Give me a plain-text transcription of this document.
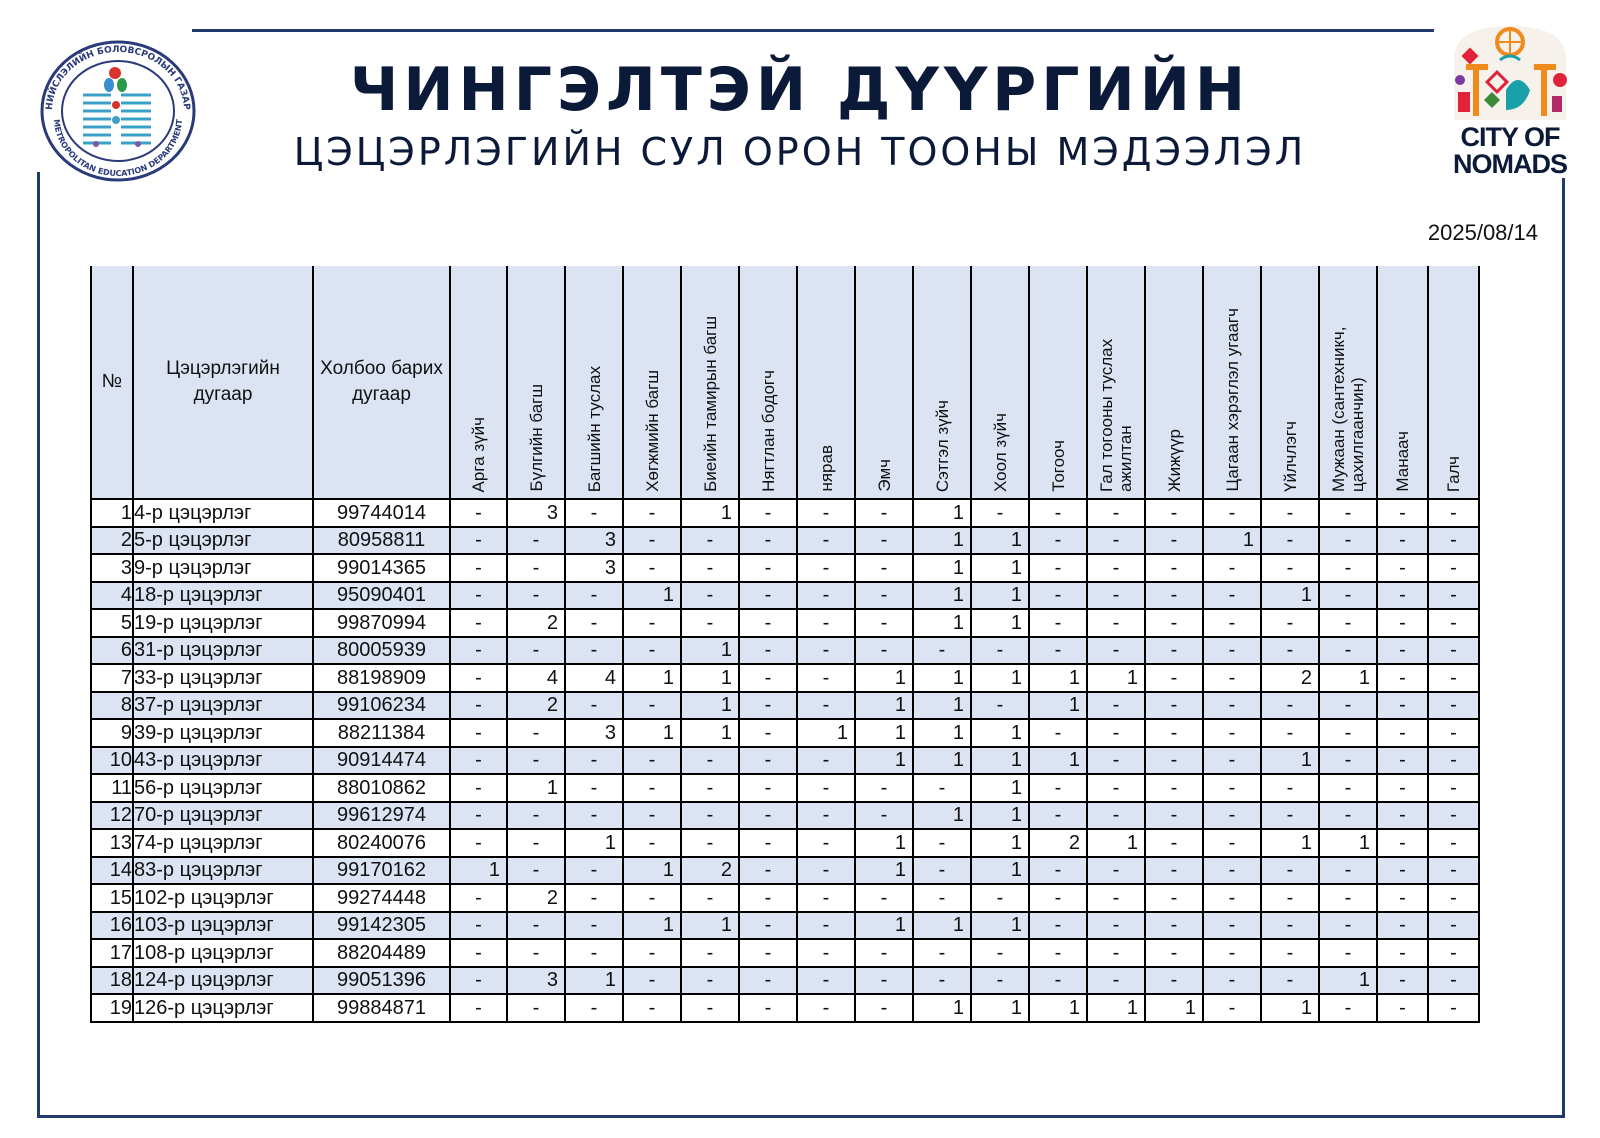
НИЙСЛЭЛИЙН БОЛОВСРОЛЫН ГАЗАР
METROPOLITAN EDUCATION DEPARTMENT
CITY OF
NOMADS
ЧИНГЭЛТЭЙ ДҮҮРГИЙН
ЦЭЦЭРЛЭГИЙН СУЛ ОРОН ТООНЫ МЭДЭЭЛЭЛ
2025/08/14
№	Цэцэрлэгийн дугаар	Холбоо барих дугаар	Арга зүйч	Бүлгийн багш	Багшийн туслах	Хөгжмийн багш	Биеийн тамирын багш	Нягтлан бодогч	нярав	Эмч	Сэтгэл зүйч	Хоол зүйч	Тогооч	Гал тогооны туслах ажилтан	Жижүүр	Цагаан хэрэглэл угаагч	Үйлчлэгч	Мужаан (сантехникч, цахилгаанчин)	Манаач	Галч

1	4-р цэцэрлэг	99744014	-	3	-	-	1	-	-	-	1	-	-	-	-	-	-	-	-	-
2	5-р цэцэрлэг	80958811	-	-	3	-	-	-	-	-	1	1	-	-	-	1	-	-	-	-
3	9-р цэцэрлэг	99014365	-	-	3	-	-	-	-	-	1	1	-	-	-	-	-	-	-	-
4	18-р цэцэрлэг	95090401	-	-	-	1	-	-	-	-	1	1	-	-	-	-	1	-	-	-
5	19-р цэцэрлэг	99870994	-	2	-	-	-	-	-	-	1	1	-	-	-	-	-	-	-	-
6	31-р цэцэрлэг	80005939	-	-	-	-	1	-	-	-	-	-	-	-	-	-	-	-	-	-
7	33-р цэцэрлэг	88198909	-	4	4	1	1	-	-	1	1	1	1	1	-	-	2	1	-	-
8	37-р цэцэрлэг	99106234	-	2	-	-	1	-	-	1	1	-	1	-	-	-	-	-	-	-
9	39-р цэцэрлэг	88211384	-	-	3	1	1	-	1	1	1	1	-	-	-	-	-	-	-	-
10	43-р цэцэрлэг	90914474	-	-	-	-	-	-	-	1	1	1	1	-	-	-	1	-	-	-
11	56-р цэцэрлэг	88010862	-	1	-	-	-	-	-	-	-	1	-	-	-	-	-	-	-	-
12	70-р цэцэрлэг	99612974	-	-	-	-	-	-	-	-	1	1	-	-	-	-	-	-	-	-
13	74-р цэцэрлэг	80240076	-	-	1	-	-	-	-	1	-	1	2	1	-	-	1	1	-	-
14	83-р цэцэрлэг	99170162	1	-	-	1	2	-	-	1	-	1	-	-	-	-	-	-	-	-
15	102-р цэцэрлэг	99274448	-	2	-	-	-	-	-	-	-	-	-	-	-	-	-	-	-	-
16	103-р цэцэрлэг	99142305	-	-	-	1	1	-	-	1	1	1	-	-	-	-	-	-	-	-
17	108-р цэцэрлэг	88204489	-	-	-	-	-	-	-	-	-	-	-	-	-	-	-	-	-	-
18	124-р цэцэрлэг	99051396	-	3	1	-	-	-	-	-	-	-	-	-	-	-	-	1	-	-
19	126-р цэцэрлэг	99884871	-	-	-	-	-	-	-	-	1	1	1	1	1	-	1	-	-	-
